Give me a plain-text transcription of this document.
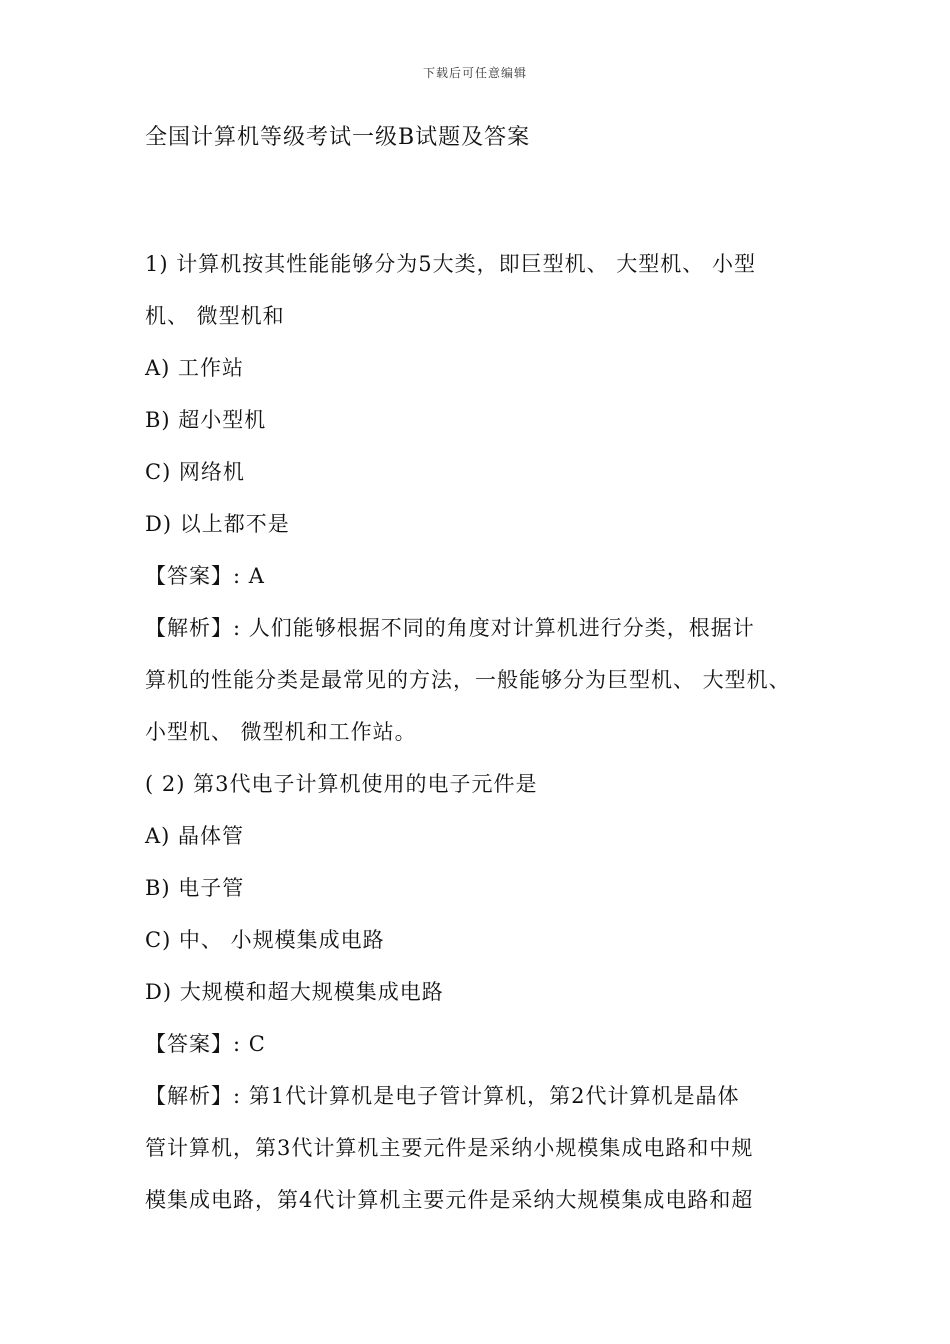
下载后可任意编辑
全国计算机等级考试一级B试题及答案
1) 计算机按其性能能够分为5大类，即巨型机、 大型机、 小型
机、 微型机和
A) 工作站
B) 超小型机
C) 网络机
D) 以上都不是
【答案】: A
【解析】: 人们能够根据不同的角度对计算机进行分类，根据计
算机的性能分类是最常见的方法，一般能够分为巨型机、 大型机、
小型机、 微型机和工作站。
( 2) 第3代电子计算机使用的电子元件是
A) 晶体管
B) 电子管
C) 中、 小规模集成电路
D) 大规模和超大规模集成电路
【答案】: C
【解析】: 第1代计算机是电子管计算机，第2代计算机是晶体
管计算机，第3代计算机主要元件是采纳小规模集成电路和中规
模集成电路，第4代计算机主要元件是采纳大规模集成电路和超
